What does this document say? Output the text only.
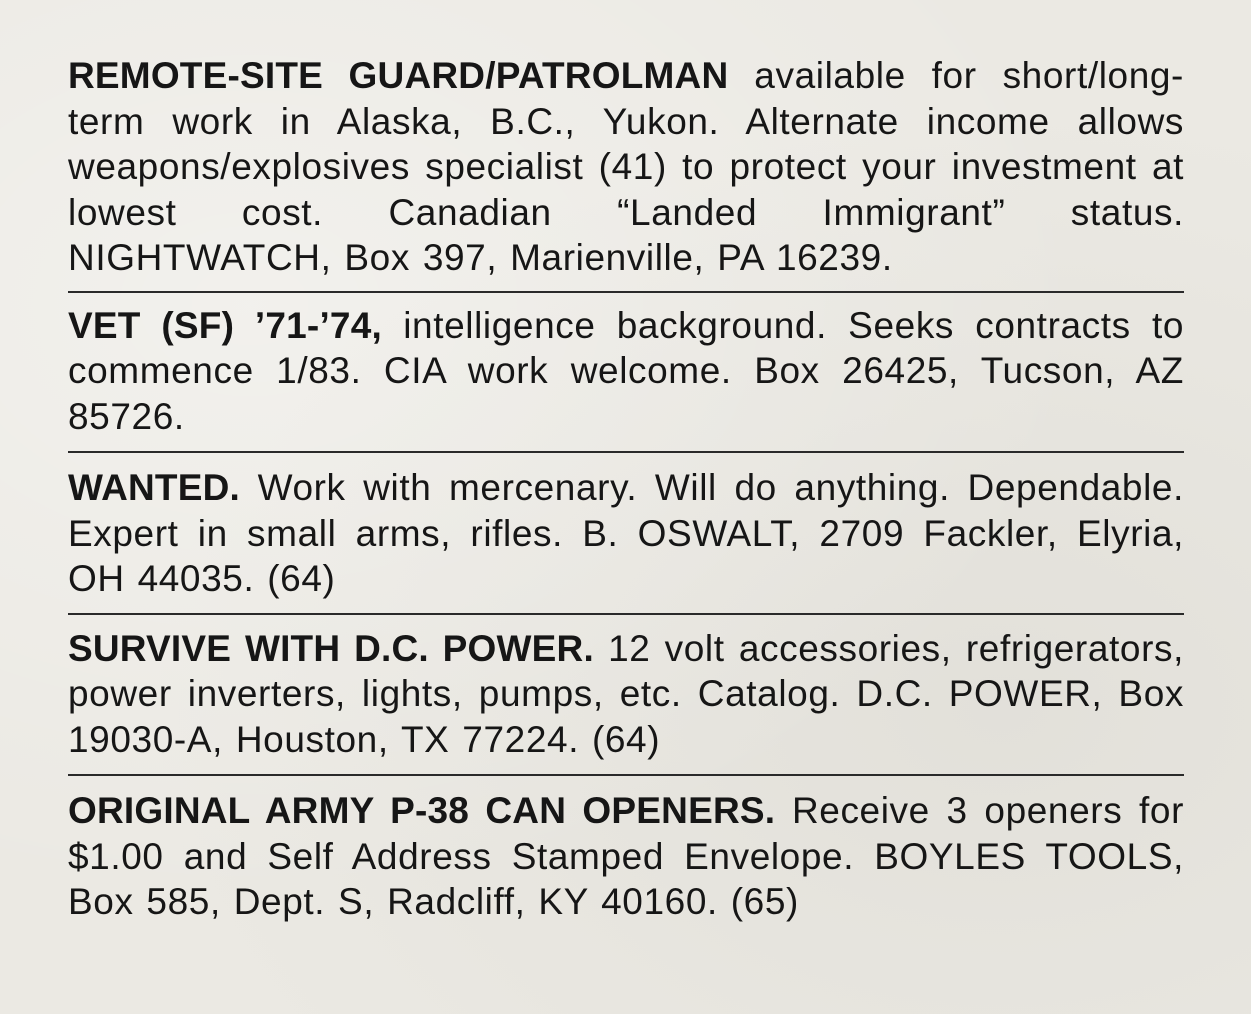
REMOTE-SITE GUARD/PATROLMAN available for short/long-term work in Alaska, B.C., Yukon. Alternate income allows weapons/explosives specialist (41) to protect your investment at lowest cost. Canadian “Landed Immigrant” status. NIGHTWATCH, Box 397, Marienville, PA 16239.

VET (SF) ’71-’74, intelligence background. Seeks contracts to commence 1/83. CIA work welcome. Box 26425, Tucson, AZ 85726.

WANTED. Work with mercenary. Will do anything. Dependable. Expert in small arms, rifles. B. OSWALT, 2709 Fackler, Elyria, OH 44035. (64)

SURVIVE WITH D.C. POWER. 12 volt accessories, refrigerators, power inverters, lights, pumps, etc. Catalog. D.C. POWER, Box 19030-A, Houston, TX 77224. (64)

ORIGINAL ARMY P-38 CAN OPENERS. Receive 3 openers for $1.00 and Self Address Stamped Envelope. BOYLES TOOLS, Box 585, Dept. S, Radcliff, KY 40160. (65)
